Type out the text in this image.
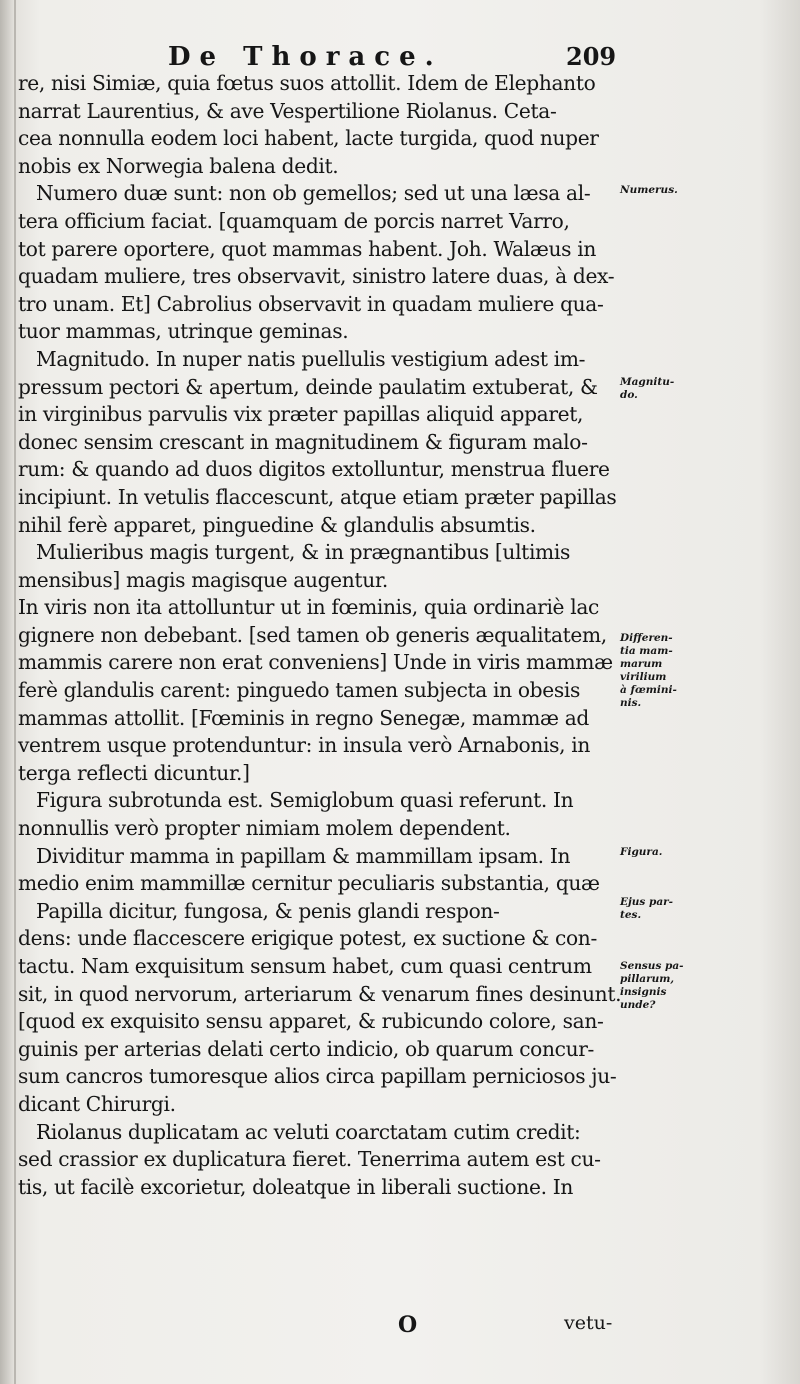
De Thorace.	209
re, nisi Simiæ, quia fœtus suos attollit. Idem de Elephanto
narrat Laurentius, & ave Vespertilione Riolanus. Ceta-
cea nonnulla eodem loci habent, lacte turgida, quod nuper
nobis ex Norwegia balena dedit.
Numero duæ sunt: non ob gemellos; sed ut una læsa al-
tera officium faciat. [quamquam de porcis narret Varro,
tot parere oportere, quot mammas habent. Joh. Walæus in
quadam muliere, tres observavit, sinistro latere duas, à dex-
tro unam. Et] Cabrolius observavit in quadam muliere qua-
tuor mammas, utrinque geminas.
Magnitudo. In nuper natis puellulis vestigium adest im-
pressum pectori & apertum, deinde paulatim extuberat, &
in virginibus parvulis vix præter papillas aliquid apparet,
donec sensim crescant in magnitudinem & figuram malo-
rum: & quando ad duos digitos extolluntur, menstrua fluere
incipiunt. In vetulis flaccescunt, atque etiam præter papillas
nihil ferè apparet, pinguedine & glandulis absumtis.
Mulieribus magis turgent, & in prægnantibus [ultimis
mensibus] magis magisque augentur.
In viris non ita attolluntur ut in fœminis, quia ordinariè lac
gignere non debebant. [sed tamen ob generis æqualitatem,
mammis carere non erat conveniens] Unde in viris mammæ
ferè glandulis carent: pinguedo tamen subjecta in obesis
mammas attollit. [Fœminis in regno Senegæ, mammæ ad
ventrem usque protenduntur: in insula verò Arnabonis, in
terga reflecti dicuntur.]
Figura subrotunda est. Semiglobum quasi referunt. In
nonnullis verò propter nimiam molem dependent.
Dividitur mamma in papillam & mammillam ipsam. In
medio enim mammillæ cernitur peculiaris substantia, quæ
Papilla dicitur, fungosa, & penis glandi respon-
dens: unde flaccescere erigique potest, ex suctione & con-
tactu. Nam exquisitum sensum habet, cum quasi centrum
sit, in quod nervorum, arteriarum & venarum fines desinunt.
[quod ex exquisito sensu apparet, & rubicundo colore, san-
guinis per arterias delati certo indicio, ob quarum concur-
sum cancros tumoresque alios circa papillam perniciosos ju-
dicant Chirurgi.
Riolanus duplicatam ac veluti coarctatam cutim credit:
sed crassior ex duplicatura fieret. Tenerrima autem est cu-
tis, ut facilè excorietur, doleatque in liberali suctione. In
Numerus.
Magnitu-
do.
Differen-
tia mam-
marum
virilium
à fœmini-
nis.
Figura.
Ejus par-
tes.
Sensus pa-
pillarum,
insignis
unde?
O	vetu-
